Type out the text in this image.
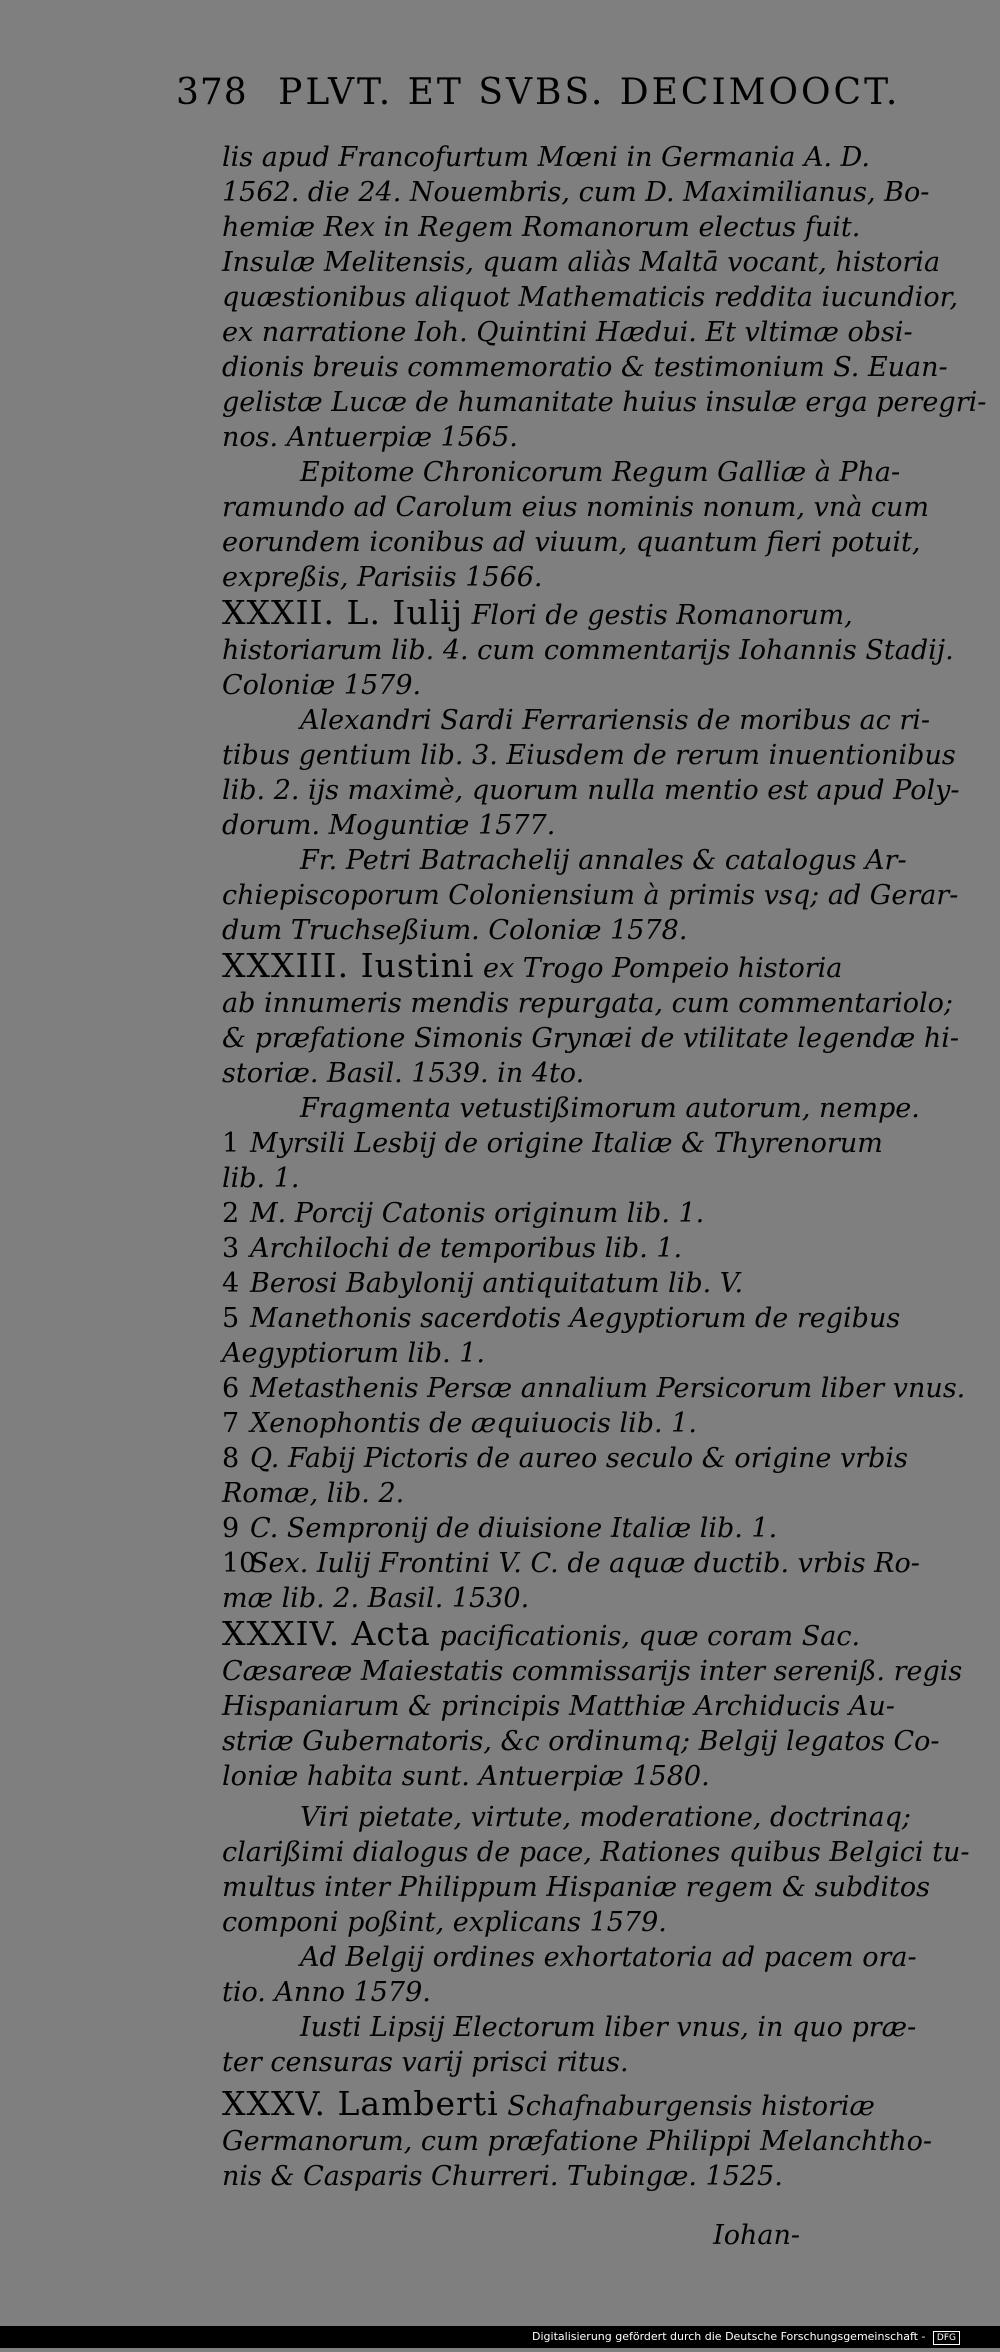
378 PLVT. ET SVBS. DECIMOOCT.
lis apud Francofurtum Mœni in Germania A. D.
1562. die 24. Nouembris, cum D. Maximilianus, Bo-
hemiæ Rex in Regem Romanorum electus fuit.
Insulæ Melitensis, quam aliàs Maltā vocant, historia
quæstionibus aliquot Mathematicis reddita iucundior,
ex narratione Ioh. Quintini Hædui. Et vltimæ obsi-
dionis breuis commemoratio & testimonium S. Euan-
gelistæ Lucæ de humanitate huius insulæ erga peregri-
nos. Antuerpiæ 1565.
Epitome Chronicorum Regum Galliæ à Pha-
ramundo ad Carolum eius nominis nonum, vnà cum
eorundem iconibus ad viuum, quantum fieri potuit,
expreßis, Parisiis 1566.
XXXII. L. Iulij Flori de gestis Romanorum,
historiarum lib. 4. cum commentarijs Iohannis Stadij.
Coloniæ 1579.
Alexandri Sardi Ferrariensis de moribus ac ri-
tibus gentium lib. 3. Eiusdem de rerum inuentionibus
lib. 2. ijs maximè, quorum nulla mentio est apud Poly-
dorum. Moguntiæ 1577.
Fr. Petri Batrachelij annales & catalogus Ar-
chiepiscoporum Coloniensium à primis vsq; ad Gerar-
dum Truchseßium. Coloniæ 1578.
XXXIII. Iustini ex Trogo Pompeio historia
ab innumeris mendis repurgata, cum commentariolo;
& præfatione Simonis Grynæi de vtilitate legendæ hi-
storiæ. Basil. 1539. in 4to.
Fragmenta vetustißimorum autorum, nempe.
1 Myrsili Lesbij de origine Italiæ & Thyrenorum
lib. 1.
2 M. Porcij Catonis originum lib. 1.
3 Archilochi de temporibus lib. 1.
4 Berosi Babylonij antiquitatum lib. V.
5 Manethonis sacerdotis Aegyptiorum de regibus
Aegyptiorum lib. 1.
6 Metasthenis Persæ annalium Persicorum liber vnus.
7 Xenophontis de æquiuocis lib. 1.
8 Q. Fabij Pictoris de aureo seculo & origine vrbis
Romæ, lib. 2.
9 C. Sempronij de diuisione Italiæ lib. 1.
10Sex. Iulij Frontini V. C. de aquæ ductib. vrbis Ro-
mæ lib. 2. Basil. 1530.
XXXIV. Acta pacificationis, quæ coram Sac.
Cæsareæ Maiestatis commissarijs inter sereniß. regis
Hispaniarum & principis Matthiæ Archiducis Au-
striæ Gubernatoris, &c ordinumq; Belgij legatos Co-
loniæ habita sunt. Antuerpiæ 1580.
Viri pietate, virtute, moderatione, doctrinaq;
clarißimi dialogus de pace, Rationes quibus Belgici tu-
multus inter Philippum Hispaniæ regem & subditos
componi poßint, explicans 1579.
Ad Belgij ordines exhortatoria ad pacem ora-
tio. Anno 1579.
Iusti Lipsij Electorum liber vnus, in quo præ-
ter censuras varij prisci ritus.
XXXV. Lamberti Schafnaburgensis historiæ
Germanorum, cum præfatione Philippi Melanchtho-
nis & Casparis Churreri. Tubingæ. 1525.
Iohan-
Digitalisierung gefördert durch die Deutsche Forschungsgemeinschaft - DFG
